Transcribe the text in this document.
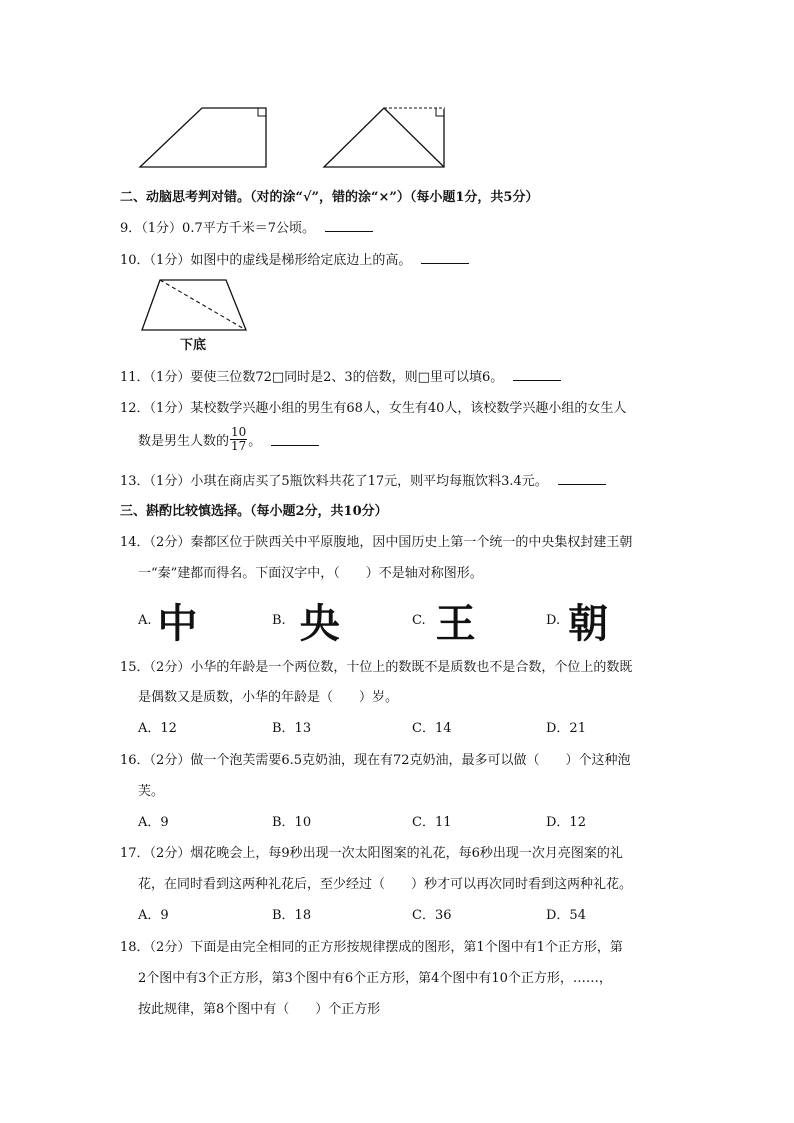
二、动脑思考判对错。（对的涂“√”，错的涂“×”）（每小题1分，共5分）
9．（1分）0.7平方千米＝7公顷。
10．（1分）如图中的虚线是梯形给定底边上的高。
下底
11．（1分）要使三位数72□同时是2、3的倍数，则□里可以填6。
12．（1分）某校数学兴趣小组的男生有68人，女生有40人，该校数学兴趣小组的女生人
数是男生人数的 $\frac{10}{17}$ 。
13．（1分）小琪在商店买了5瓶饮料共花了17元，则平均每瓶饮料3.4元。
三、斟酌比较慎选择。（每小题2分，共10分）
14．（2分）秦都区位于陕西关中平原腹地，因中国历史上第一个统一的中央集权封建王朝
一“秦”建都而得名。下面汉字中，（　　）不是轴对称图形。
A. 中	B. 央	C. 王	D. 朝
15．（2分）小华的年龄是一个两位数，十位上的数既不是质数也不是合数，个位上的数既
是偶数又是质数，小华的年龄是（　　）岁。
A．12	B．13	C．14	D．21
16．（2分）做一个泡芙需要6.5克奶油，现在有72克奶油，最多可以做（　　）个这种泡
芙。
A．9	B．10	C．11	D．12
17．（2分）烟花晚会上，每9秒出现一次太阳图案的礼花，每6秒出现一次月亮图案的礼
花，在同时看到这两种礼花后，至少经过（　　）秒才可以再次同时看到这两种礼花。
A．9	B．18	C．36	D．54
18．（2分）下面是由完全相同的正方形按规律摆成的图形，第1个图中有1个正方形，第
2个图中有3个正方形，第3个图中有6个正方形，第4个图中有10个正方形，……，
按此规律，第8个图中有（　　）个正方形
